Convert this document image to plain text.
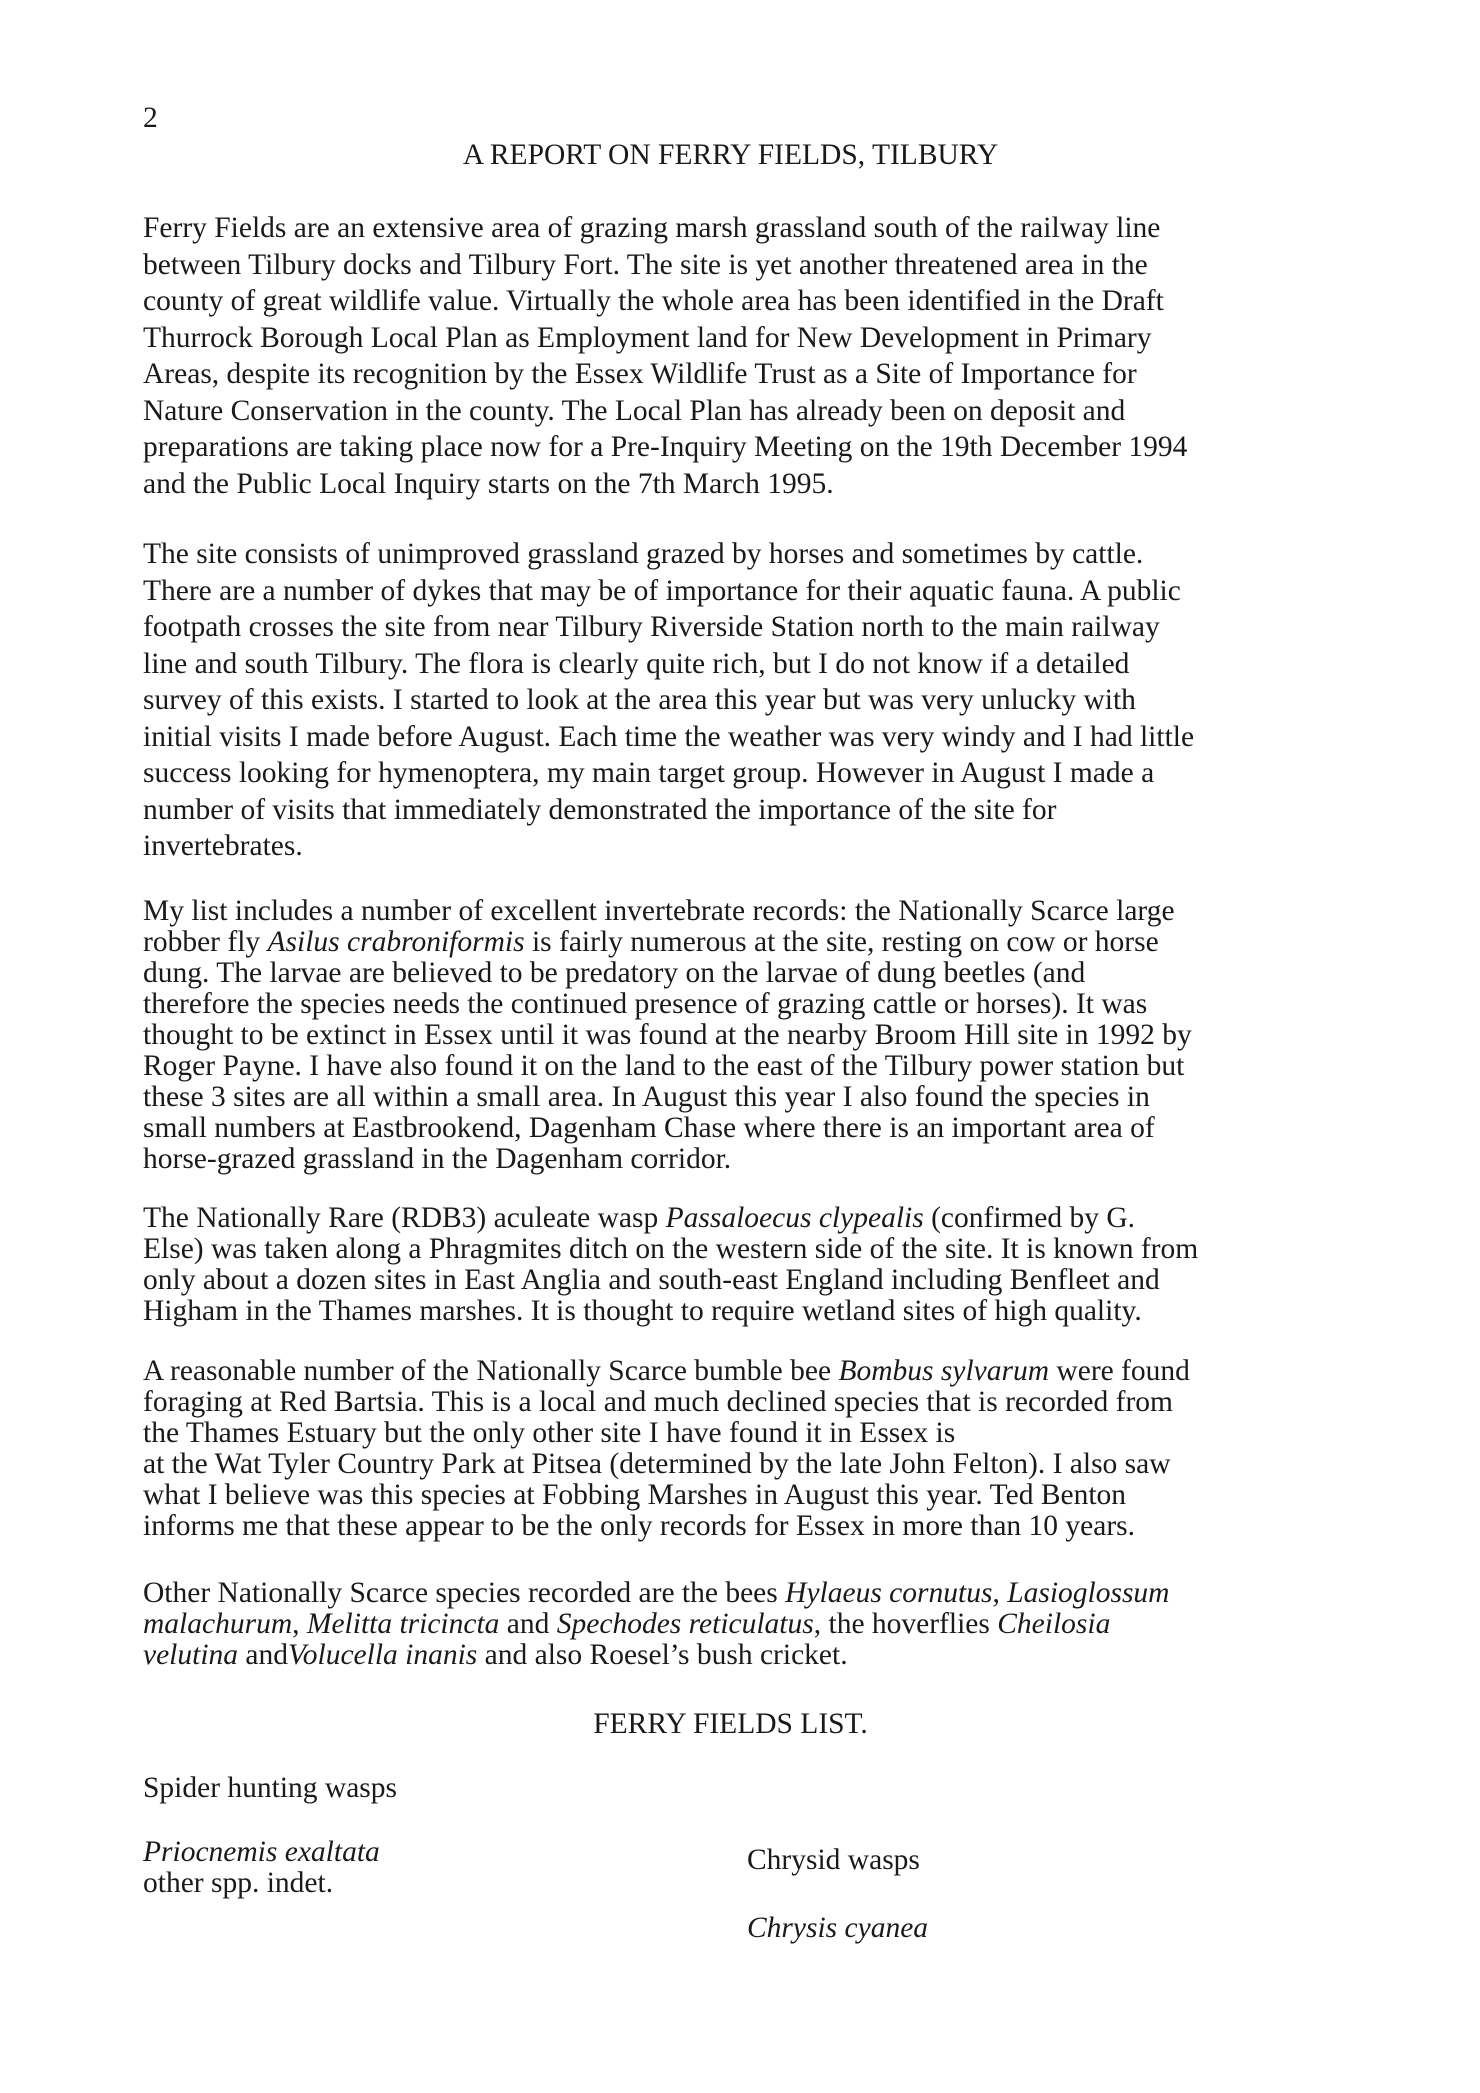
2
A REPORT ON FERRY FIELDS, TILBURY

Ferry Fields are an extensive area of grazing marsh grassland south of the railway line
between Tilbury docks and Tilbury Fort. The site is yet another threatened area in the
county of great wildlife value. Virtually the whole area has been identified in the Draft
Thurrock Borough Local Plan as Employment land for New Development in Primary
Areas, despite its recognition by the Essex Wildlife Trust as a Site of Importance for
Nature Conservation in the county. The Local Plan has already been on deposit and
preparations are taking place now for a Pre-Inquiry Meeting on the 19th December 1994
and the Public Local Inquiry starts on the 7th March 1995.

The site consists of unimproved grassland grazed by horses and sometimes by cattle.
There are a number of dykes that may be of importance for their aquatic fauna. A public
footpath crosses the site from near Tilbury Riverside Station north to the main railway
line and south Tilbury. The flora is clearly quite rich, but I do not know if a detailed
survey of this exists. I started to look at the area this year but was very unlucky with
initial visits I made before August. Each time the weather was very windy and I had little
success looking for hymenoptera, my main target group. However in August I made a
number of visits that immediately demonstrated the importance of the site for
invertebrates.

My list includes a number of excellent invertebrate records: the Nationally Scarce large
robber fly Asilus crabroniformis is fairly numerous at the site, resting on cow or horse
dung. The larvae are believed to be predatory on the larvae of dung beetles (and
therefore the species needs the continued presence of grazing cattle or horses). It was
thought to be extinct in Essex until it was found at the nearby Broom Hill site in 1992 by
Roger Payne. I have also found it on the land to the east of the Tilbury power station but
these 3 sites are all within a small area. In August this year I also found the species in
small numbers at Eastbrookend, Dagenham Chase where there is an important area of
horse-grazed grassland in the Dagenham corridor.

The Nationally Rare (RDB3) aculeate wasp Passaloecus clypealis (confirmed by G.
Else) was taken along a Phragmites ditch on the western side of the site. It is known from
only about a dozen sites in East Anglia and south-east England including Benfleet and
Higham in the Thames marshes. It is thought to require wetland sites of high quality.

A reasonable number of the Nationally Scarce bumble bee Bombus sylvarum were found
foraging at Red Bartsia. This is a local and much declined species that is recorded from
the Thames Estuary but the only other site I have found it in Essex is
at the Wat Tyler Country Park at Pitsea (determined by the late John Felton). I also saw
what I believe was this species at Fobbing Marshes in August this year. Ted Benton
informs me that these appear to be the only records for Essex in more than 10 years.

Other Nationally Scarce species recorded are the bees Hylaeus cornutus, Lasioglossum
malachurum, Melitta tricincta and Spechodes reticulatus, the hoverflies Cheilosia
velutina andVolucella inanis and also Roesel’s bush cricket.

FERRY FIELDS LIST.
Spider hunting wasps
Priocnemis exaltata
other spp. indet.
Chrysid wasps
Chrysis cyanea
